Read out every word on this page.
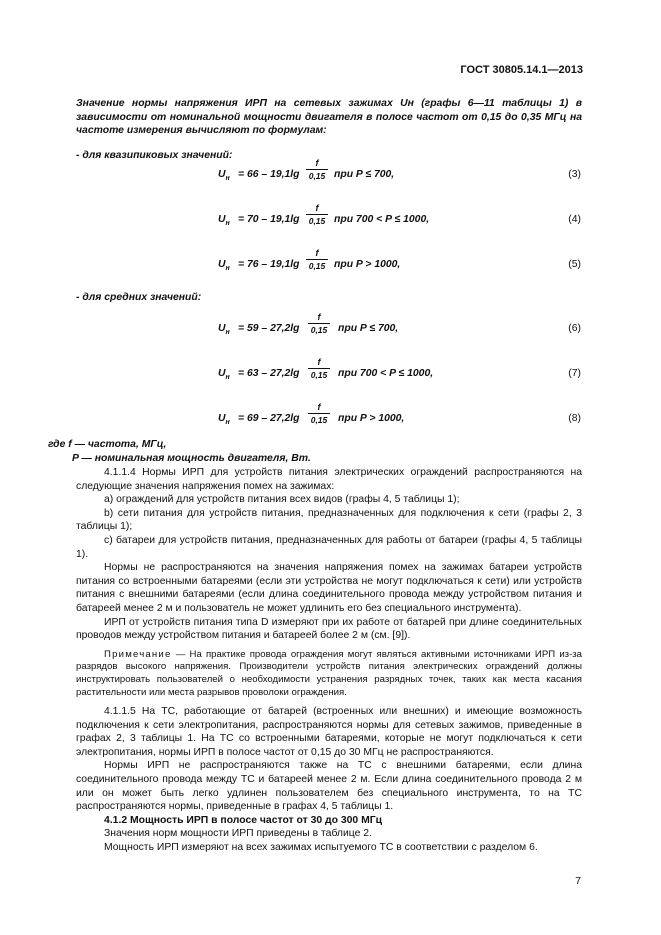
ГОСТ 30805.14.1—2013
Значение нормы напряжения ИРП на сетевых зажимах Uн (графы 6—11 таблицы 1) в зависимости от номинальной мощности двигателя в полосе частот от 0,15 до 0,35 МГц на частоте измерения вычисляют по формулам:
- для квазипиковых значений:
$U_н = 66 - 19,1\lg$
f
0,15 при P ≤ 700,	(3)
$U_н = 70 - 19,1\lg$
f
0,15 при 700 < P ≤ 1000,	(4)
$U_н = 76 - 19,1\lg$
f
0,15 при P > 1000,	(5)
- для средних значений:
$U_н = 59 - 27,2\lg$
f
0,15 при P ≤ 700,	(6)
$U_н = 63 - 27,2\lg$
f
0,15 при 700 < P ≤ 1000,	(7)
$U_н = 69 - 27,2\lg$
f
0,15 при P > 1000,	(8)
где f — частота, МГц,
P — номинальная мощность двигателя, Вт.

4.1.1.4 Нормы ИРП для устройств питания электрических ограждений распространяются на следующие значения напряжения помех на зажимах:

а) ограждений для устройств питания всех видов (графы 4, 5 таблицы 1);

b) сети питания для устройств питания, предназначенных для подключения к сети (графы 2, 3 таблицы 1);

с) батареи для устройств питания, предназначенных для работы от батареи (графы 4, 5 таблицы 1).

Нормы не распространяются на значения напряжения помех на зажимах батареи устройств питания со встроенными батареями (если эти устройства не могут подключаться к сети) или устройств питания с внешними батареями (если длина соединительного провода между устройством питания и батареей менее 2 м и пользователь не может удлинить его без специального инструмента).

ИРП от устройств питания типа D измеряют при их работе от батарей при длине соединительных проводов между устройством питания и батареей более 2 м (см. [9]).

Примечание — На практике провода ограждения могут являться активными источниками ИРП из-за разрядов высокого напряжения. Производители устройств питания электрических ограждений должны инструктировать пользователей о необходимости устранения разрядных точек, таких как места касания растительности или места разрывов проволоки ограждения.

4.1.1.5 На ТС, работающие от батарей (встроенных или внешних) и имеющие возможность подключения к сети электропитания, распространяются нормы для сетевых зажимов, приведенные в графах 2, 3 таблицы 1. На ТС со встроенными батареями, которые не могут подключаться к сети электропитания, нормы ИРП в полосе частот от 0,15 до 30 МГц не распространяются.

Нормы ИРП не распространяются также на ТС с внешними батареями, если длина соединительного провода между ТС и батареей менее 2 м. Если длина соединительного провода 2 м или он может быть легко удлинен пользователем без специального инструмента, то на ТС распространяются нормы, приведенные в графах 4, 5 таблицы 1.

4.1.2 Мощность ИРП в полосе частот от 30 до 300 МГц

Значения норм мощности ИРП приведены в таблице 2.

Мощность ИРП измеряют на всех зажимах испытуемого ТС в соответствии с разделом 6.

7
